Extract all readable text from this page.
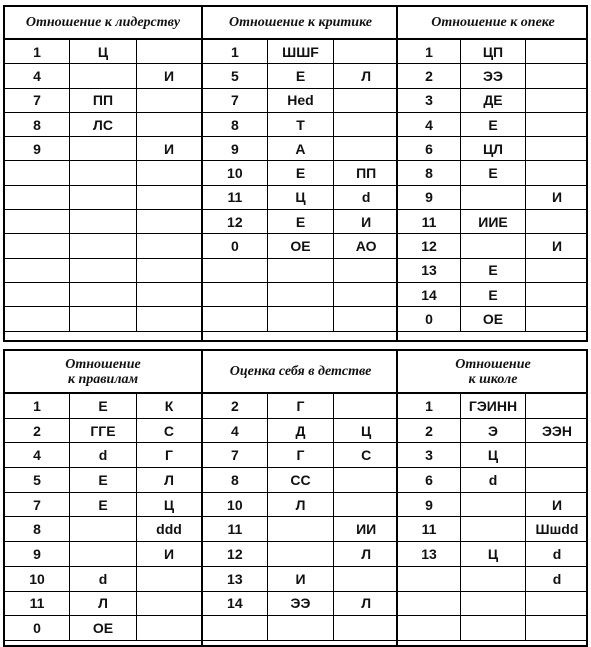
Отношение к лидерству
1	Ц	
4		И
7	ПП	
8	ЛС	
9		И

Отношение к критике
1	ШШF	
5	Е	Л
7	Hed	
8	Т	
9	А	
10	Е	ПП
11	Ц	d
12	Е	И
0	ОЕ	АО

Отношение к опеке
1	ЦП	
2	ЭЭ	
3	ДЕ	
4	Е	
6	ЦЛ	
8	Е	
9		И
11	ИИЕ	
12		И
13	Е	
14	Е	
0	ОЕ	
Отношение
к правилам
1	Е	К
2	ГГЕ	С
4	d	Г
5	Е	Л
7	Е	Ц
8		ddd
9		И
10	d	
11	Л	
0	ОЕ	
Оценка себя в детстве
2	Г	
4	Д	Ц
7	Г	С
8	СС	
10	Л	
11		ИИ
12		Л
13	И	
14	ЭЭ	Л

Отношение
к школе
1	ГЭИНН	
2	Э	ЭЭН
3	Ц	
6	d	
9		И
11		Шшdd
13	Ц	d
		d
